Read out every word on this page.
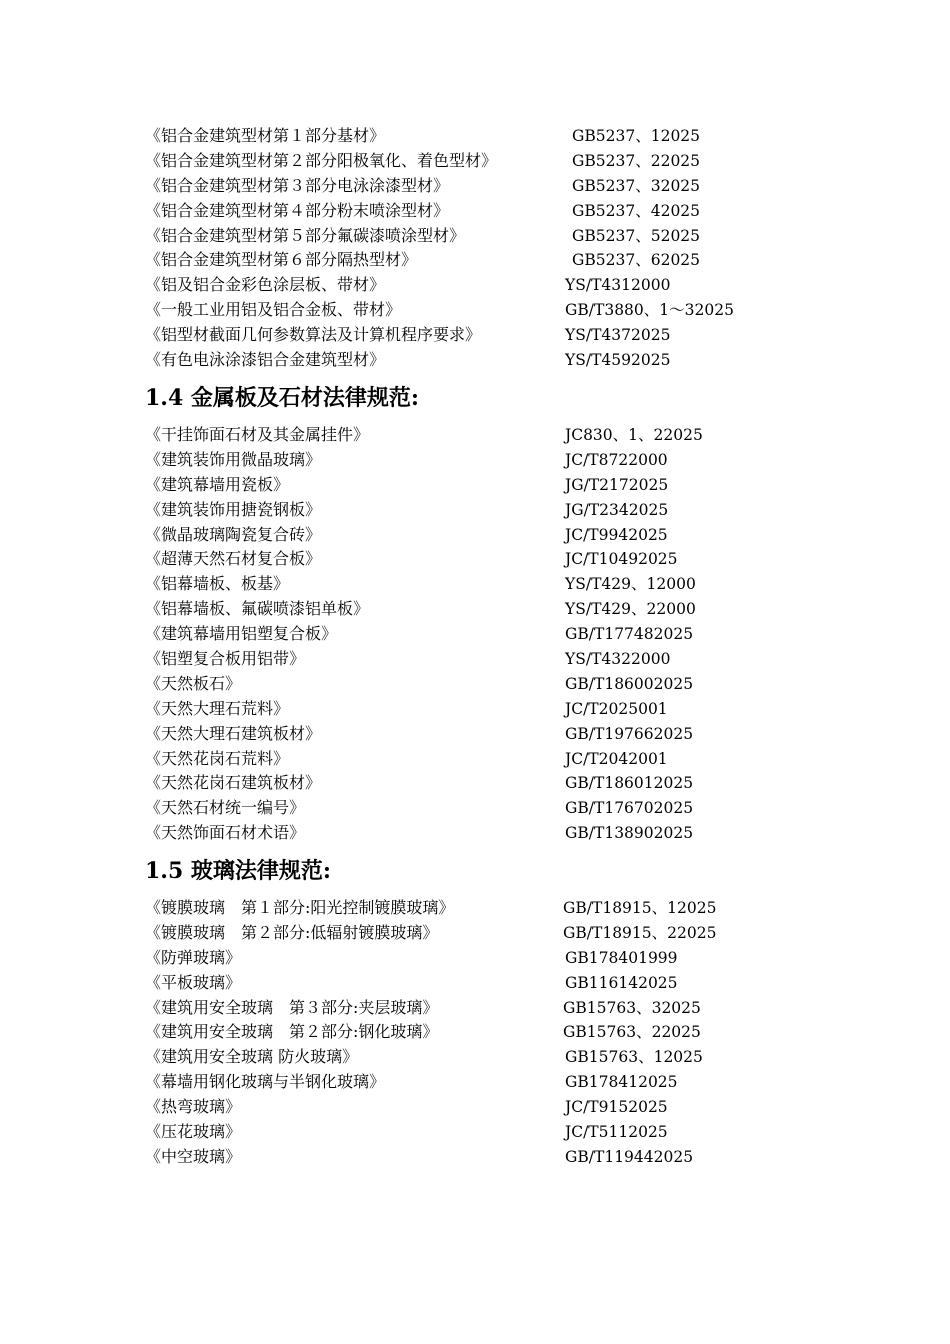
《铝合金建筑型材第１部分基材》	GB5237、12025
《铝合金建筑型材第２部分阳极氧化、着色型材》	GB5237、22025
《铝合金建筑型材第３部分电泳涂漆型材》	GB5237、32025
《铝合金建筑型材第４部分粉末喷涂型材》	GB5237、42025
《铝合金建筑型材第５部分氟碳漆喷涂型材》	GB5237、52025
《铝合金建筑型材第６部分隔热型材》	GB5237、62025
《铝及铝合金彩色涂层板、带材》	YS/T4312000
《一般工业用铝及铝合金板、带材》	GB/T3880、1～32025
《铝型材截面几何参数算法及计算机程序要求》	YS/T4372025
《有色电泳涂漆铝合金建筑型材》	YS/T4592025
1.4 金属板及石材法律规范:
《干挂饰面石材及其金属挂件》	JC830、1、22025
《建筑装饰用微晶玻璃》	JC/T8722000
《建筑幕墙用瓷板》	JG/T2172025
《建筑装饰用搪瓷钢板》	JG/T2342025
《微晶玻璃陶瓷复合砖》	JC/T9942025
《超薄天然石材复合板》	JC/T10492025
《铝幕墙板、板基》	YS/T429、12000
《铝幕墙板、氟碳喷漆铝单板》	YS/T429、22000
《建筑幕墙用铝塑复合板》	GB/T177482025
《铝塑复合板用铝带》	YS/T4322000
《天然板石》	GB/T186002025
《天然大理石荒料》	JC/T2025001
《天然大理石建筑板材》	GB/T197662025
《天然花岗石荒料》	JC/T2042001
《天然花岗石建筑板材》	GB/T186012025
《天然石材统一编号》	GB/T176702025
《天然饰面石材术语》	GB/T138902025
1.5 玻璃法律规范:
《镀膜玻璃　第１部分:阳光控制镀膜玻璃》	GB/T18915、12025
《镀膜玻璃　第２部分:低辐射镀膜玻璃》	GB/T18915、22025
《防弹玻璃》	GB178401999
《平板玻璃》	GB116142025
《建筑用安全玻璃　第３部分:夹层玻璃》	GB15763、32025
《建筑用安全玻璃　第２部分:钢化玻璃》	GB15763、22025
《建筑用安全玻璃 防火玻璃》	GB15763、12025
《幕墙用钢化玻璃与半钢化玻璃》	GB178412025
《热弯玻璃》	JC/T9152025
《压花玻璃》	JC/T5112025
《中空玻璃》	GB/T119442025
